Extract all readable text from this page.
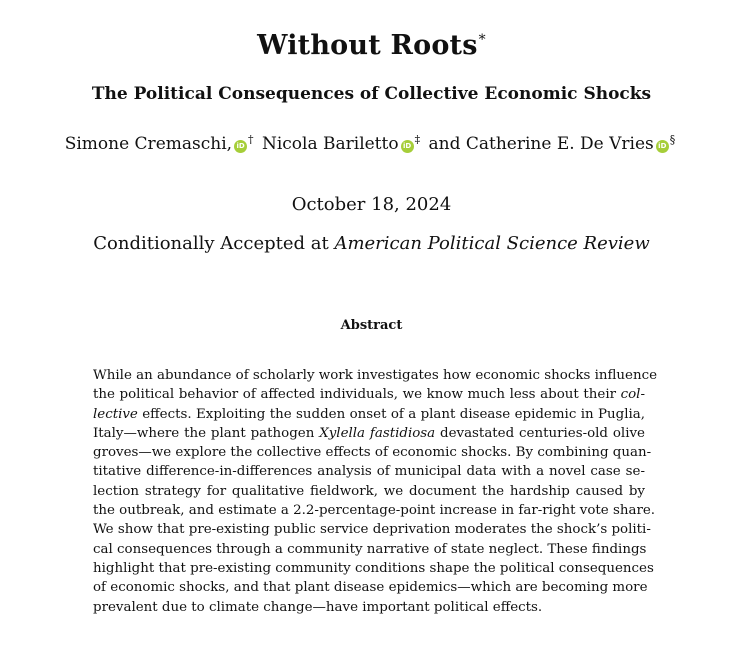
Without Roots*
The Political Consequences of Collective Economic Shocks
Simone Cremaschi, iD † Nicola Bariletto iD ‡ and Catherine E. De Vries iD §
October 18, 2024
Conditionally Accepted at American Political Science Review
Abstract
While an abundance of scholarly work investigates how economic shocks influence
the political behavior of affected individuals, we know much less about their col-
lective effects. Exploiting the sudden onset of a plant disease epidemic in Puglia,
Italy—where the plant pathogen Xylella fastidiosa devastated centuries-old olive
groves—we explore the collective effects of economic shocks. By combining quan-
titative difference-in-differences analysis of municipal data with a novel case se-
lection strategy for qualitative fieldwork, we document the hardship caused by
the outbreak, and estimate a 2.2-percentage-point increase in far-right vote share.
We show that pre-existing public service deprivation moderates the shock’s politi-
cal consequences through a community narrative of state neglect. These findings
highlight that pre-existing community conditions shape the political consequences
of economic shocks, and that plant disease epidemics—which are becoming more
prevalent due to climate change—have important political effects.
